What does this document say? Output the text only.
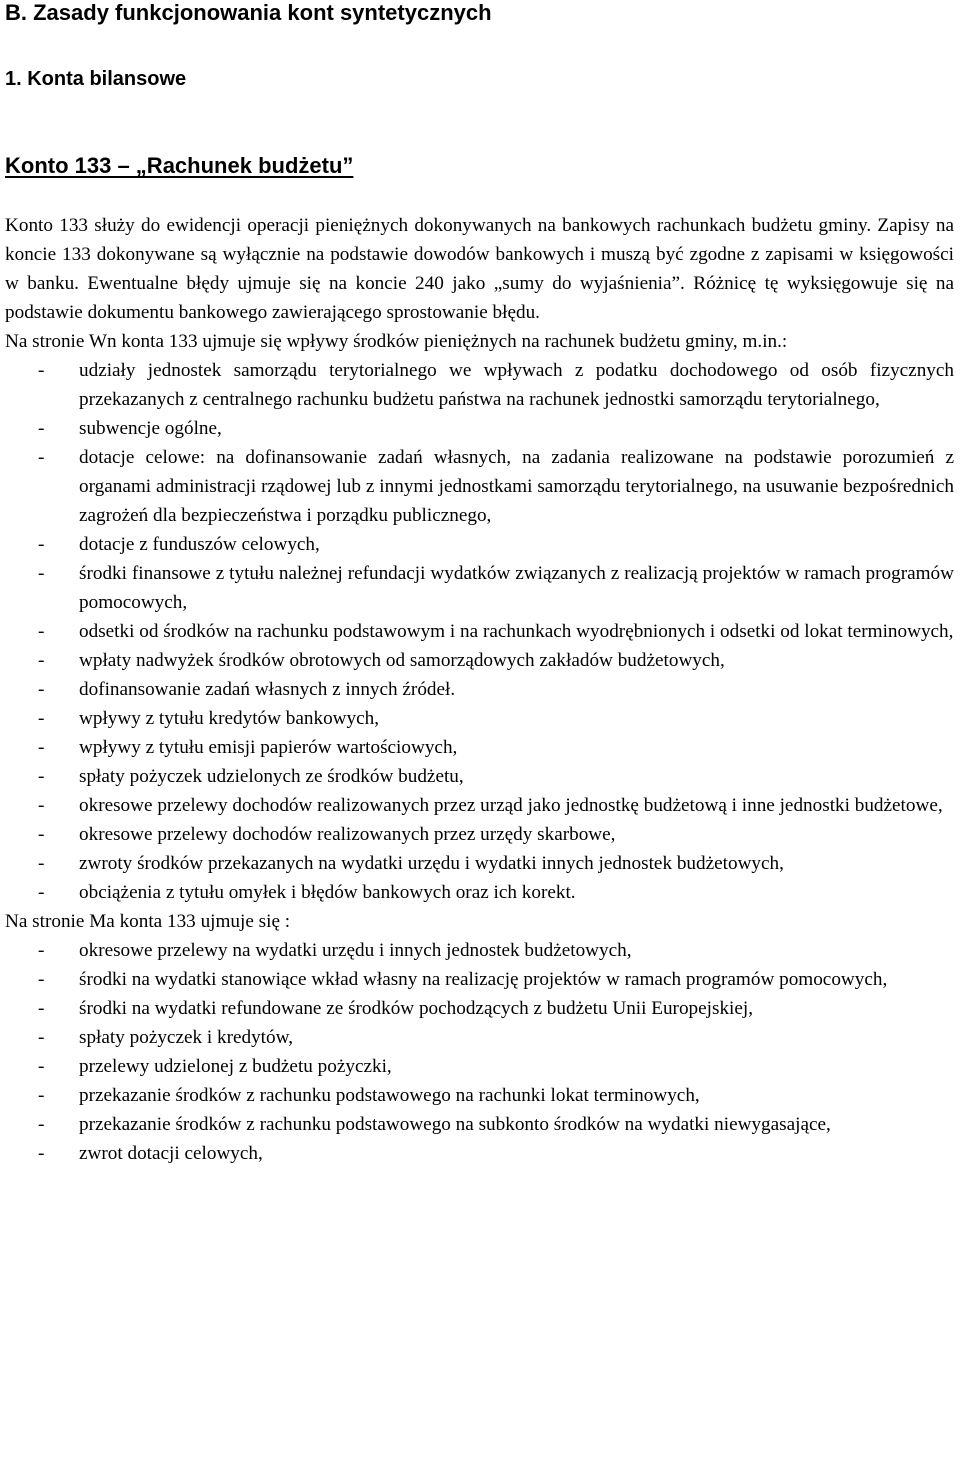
B. Zasady funkcjonowania kont syntetycznych
1. Konta bilansowe
Konto 133 – „Rachunek budżetu”

Konto 133 służy do ewidencji operacji pieniężnych dokonywanych na bankowych rachunkach budżetu gminy. Zapisy na koncie 133 dokonywane są wyłącznie na podstawie dowodów bankowych i muszą być zgodne z zapisami w księgowości w banku. Ewentualne błędy ujmuje się na koncie 240 jako „sumy do wyjaśnienia”. Różnicę tę wyksięgowuje się na podstawie dokumentu bankowego zawierającego sprostowanie błędu.

Na stronie Wn konta 133 ujmuje się wpływy środków pieniężnych na rachunek budżetu gminy, m.in.:

- udziały jednostek samorządu terytorialnego we wpływach z podatku dochodowego od osób fizycznych przekazanych z centralnego rachunku budżetu państwa na rachunek jednostki samorządu terytorialnego,
- subwencje ogólne,
- dotacje celowe: na dofinansowanie zadań własnych, na zadania realizowane na podstawie porozumień z organami administracji rządowej lub z innymi jednostkami samorządu terytorialnego, na usuwanie bezpośrednich zagrożeń dla bezpieczeństwa i porządku publicznego,
- dotacje z funduszów celowych,
- środki finansowe z tytułu należnej refundacji wydatków związanych z realizacją projektów w ramach programów pomocowych,
- odsetki od środków na rachunku podstawowym i na rachunkach wyodrębnionych i odsetki od lokat terminowych,
- wpłaty nadwyżek środków obrotowych od samorządowych zakładów budżetowych,
- dofinansowanie zadań własnych z innych źródeł.
- wpływy z tytułu kredytów bankowych,
- wpływy z tytułu emisji papierów wartościowych,
- spłaty pożyczek udzielonych ze środków budżetu,
- okresowe przelewy dochodów realizowanych przez urząd jako jednostkę budżetową i inne jednostki budżetowe,
- okresowe przelewy dochodów realizowanych przez urzędy skarbowe,
- zwroty środków przekazanych na wydatki urzędu i wydatki innych jednostek budżetowych,
- obciążenia z tytułu omyłek i błędów bankowych oraz ich korekt.

Na stronie Ma konta 133 ujmuje się :

- okresowe przelewy na wydatki urzędu i innych jednostek budżetowych,
- środki na wydatki stanowiące wkład własny na realizację projektów w ramach programów pomocowych,
- środki na wydatki refundowane ze środków pochodzących z budżetu Unii Europejskiej,
- spłaty pożyczek i kredytów,
- przelewy udzielonej z budżetu pożyczki,
- przekazanie środków z rachunku podstawowego na rachunki lokat terminowych,
- przekazanie środków z rachunku podstawowego na subkonto środków na wydatki niewygasające,
- zwrot dotacji celowych,
